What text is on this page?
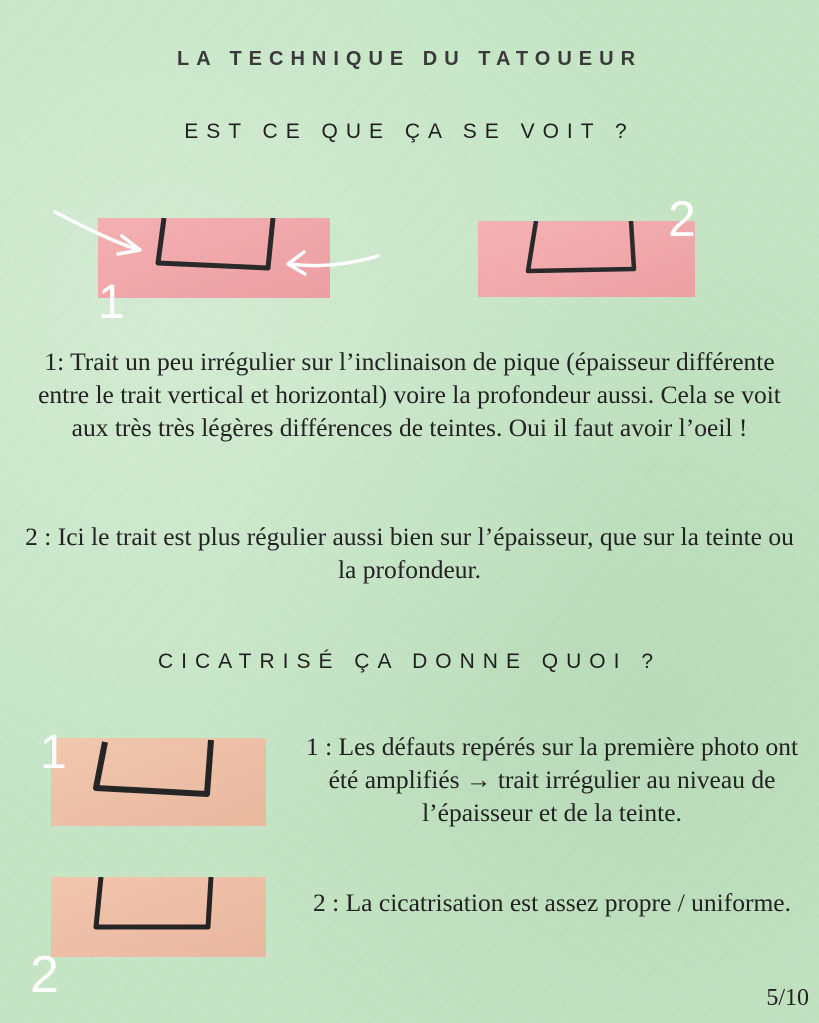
LA TECHNIQUE DU TATOUEUR
EST CE QUE ÇA SE VOIT ?
1
2
1
2
1: Trait un peu irrégulier sur l’inclinaison de pique (épaisseur différente entre le trait vertical et horizontal) voire la profondeur aussi. Cela se voit aux très très légères différences de teintes. Oui il faut avoir l’oeil !
2 : Ici le trait est plus régulier aussi bien sur l’épaisseur, que sur la teinte ou la profondeur.
CICATRISÉ ÇA DONNE QUOI ?
1 : Les défauts repérés sur la première photo ont été amplifiés → trait irrégulier au niveau de l’épaisseur et de la teinte.
2 : La cicatrisation est assez propre / uniforme.
5/10
